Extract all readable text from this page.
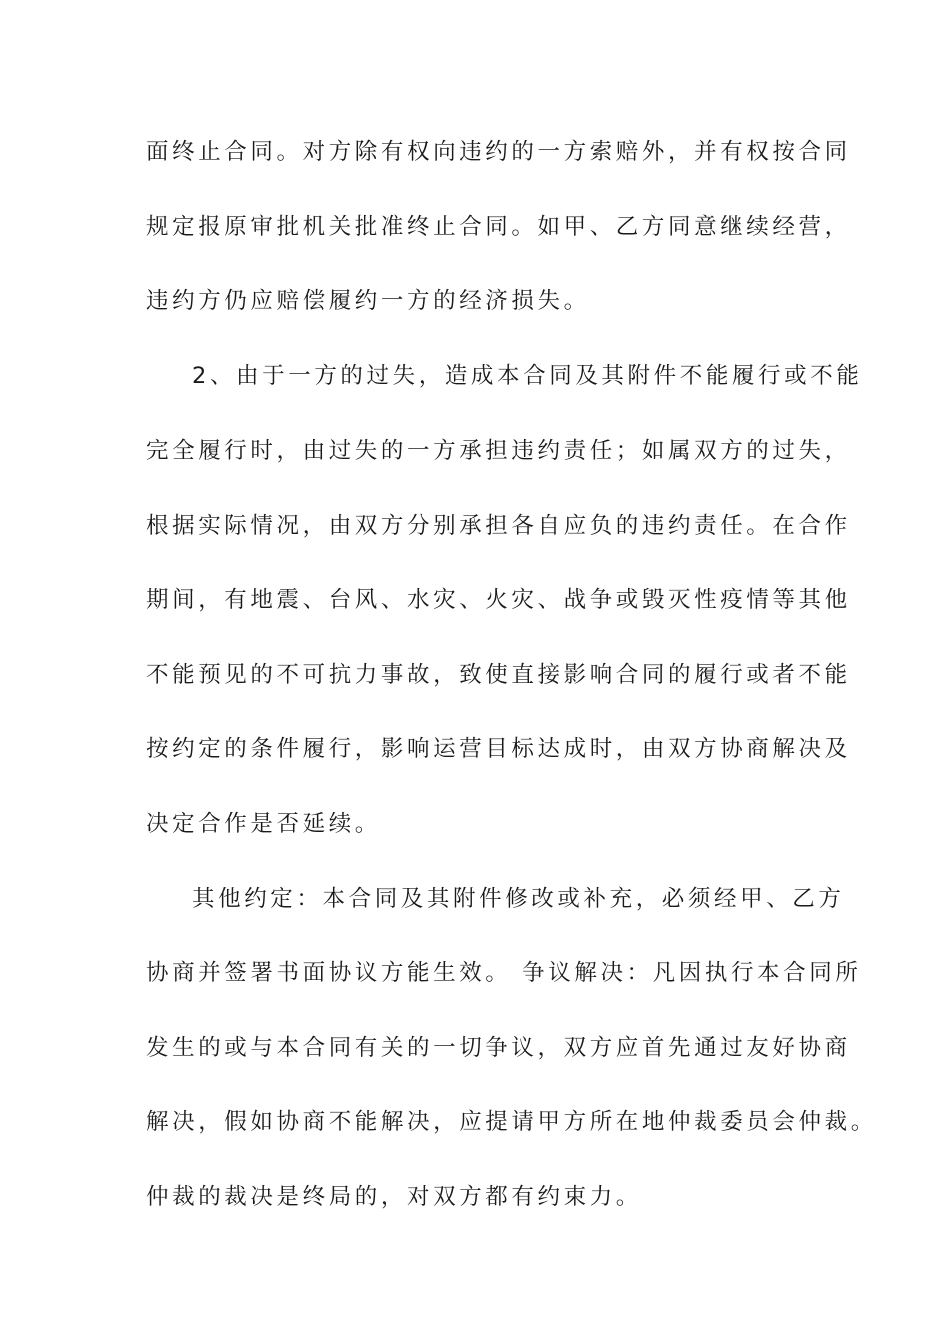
面终止合同。对方除有权向违约的一方索赔外，并有权按合同
规定报原审批机关批准终止合同。如甲、乙方同意继续经营，
违约方仍应赔偿履约一方的经济损失。
2、由于一方的过失，造成本合同及其附件不能履行或不能
完全履行时，由过失的一方承担违约责任；如属双方的过失，
根据实际情况，由双方分别承担各自应负的违约责任。在合作
期间，有地震、台风、水灾、火灾、战争或毁灭性疫情等其他
不能预见的不可抗力事故，致使直接影响合同的履行或者不能
按约定的条件履行，影响运营目标达成时，由双方协商解决及
决定合作是否延续。
其他约定：本合同及其附件修改或补充，必须经甲、乙方
协商并签署书面协议方能生效。 争议解决：凡因执行本合同所
发生的或与本合同有关的一切争议，双方应首先通过友好协商
解决，假如协商不能解决，应提请甲方所在地仲裁委员会仲裁。
仲裁的裁决是终局的，对双方都有约束力。
